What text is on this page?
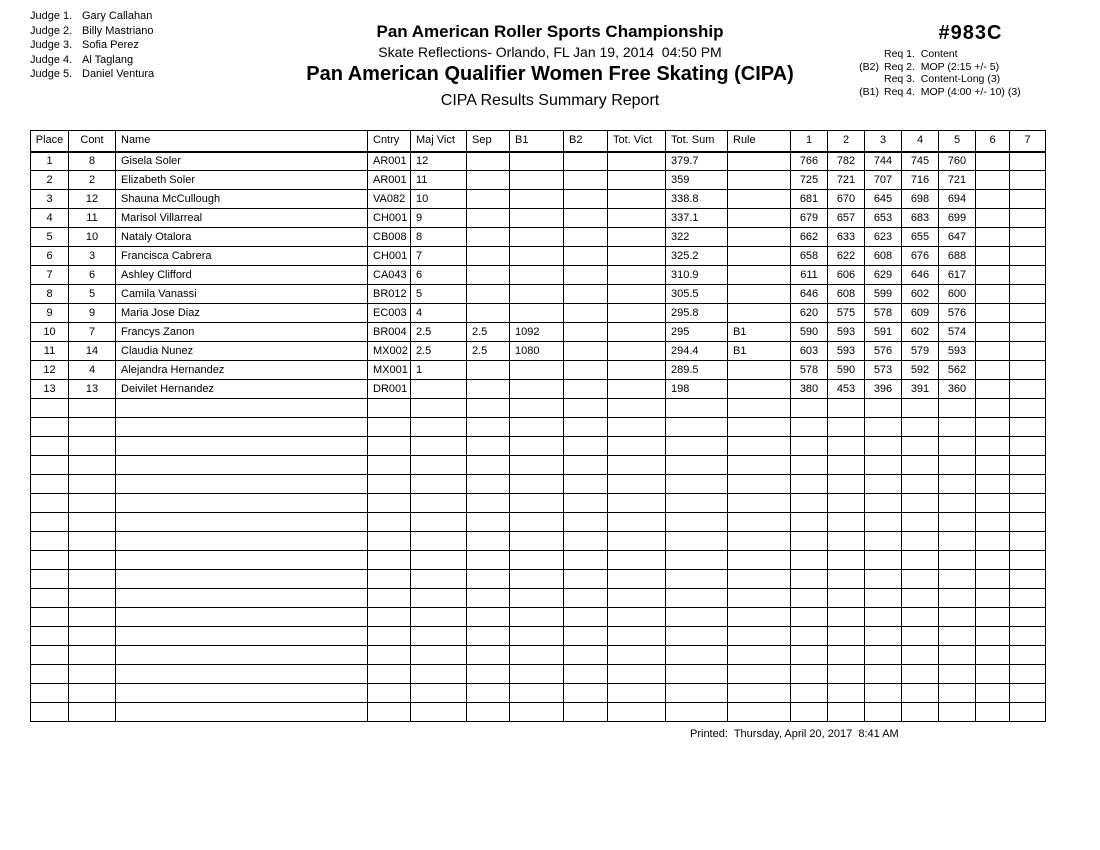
Judge 1. Gary Callahan
Judge 2. Billy Mastriano
Judge 3. Sofia Perez
Judge 4. Al Taglang
Judge 5. Daniel Ventura
Pan American Roller Sports Championship
Skate Reflections- Orlando, FL Jan 19, 2014  04:50 PM
Pan American Qualifier Women Free Skating (CIPA)
CIPA Results Summary Report
#983C
Req 1.  Content
(B2) Req 2.  MOP (2:15 +/- 5)
Req 3.  Content-Long (3)
(B1) Req 4.  MOP (4:00 +/- 10) (3)
Place	Cont	Name	Cntry	Maj Vict	Sep	B1	B2	Tot. Vict	Tot. Sum	Rule	1	2	3	4	5	6	7
1	8	Gisela Soler	AR001	12					379.7		766	782	744	745	760		
2	2	Elizabeth Soler	AR001	11					359		725	721	707	716	721		
3	12	Shauna McCullough	VA082	10					338.8		681	670	645	698	694		
4	11	Marisol Villarreal	CH001	9					337.1		679	657	653	683	699		
5	10	Nataly Otalora	CB008	8					322		662	633	623	655	647		
6	3	Francisca Cabrera	CH001	7					325.2		658	622	608	676	688		
7	6	Ashley Clifford	CA043	6					310.9		611	606	629	646	617		
8	5	Camila Vanassi	BR012	5					305.5		646	608	599	602	600		
9	9	Maria Jose Diaz	EC003	4					295.8		620	575	578	609	576		
10	7	Francys Zanon	BR004	2.5	2.5	1092			295	B1	590	593	591	602	574		
11	14	Claudia Nunez	MX002	2.5	2.5	1080			294.4	B1	603	593	576	579	593		
12	4	Alejandra Hernandez	MX001	1					289.5		578	590	573	592	562		
13	13	Deivilet Hernandez	DR001						198		380	453	396	391	360		

Printed:  Thursday, April 20, 2017  8:41 AM
